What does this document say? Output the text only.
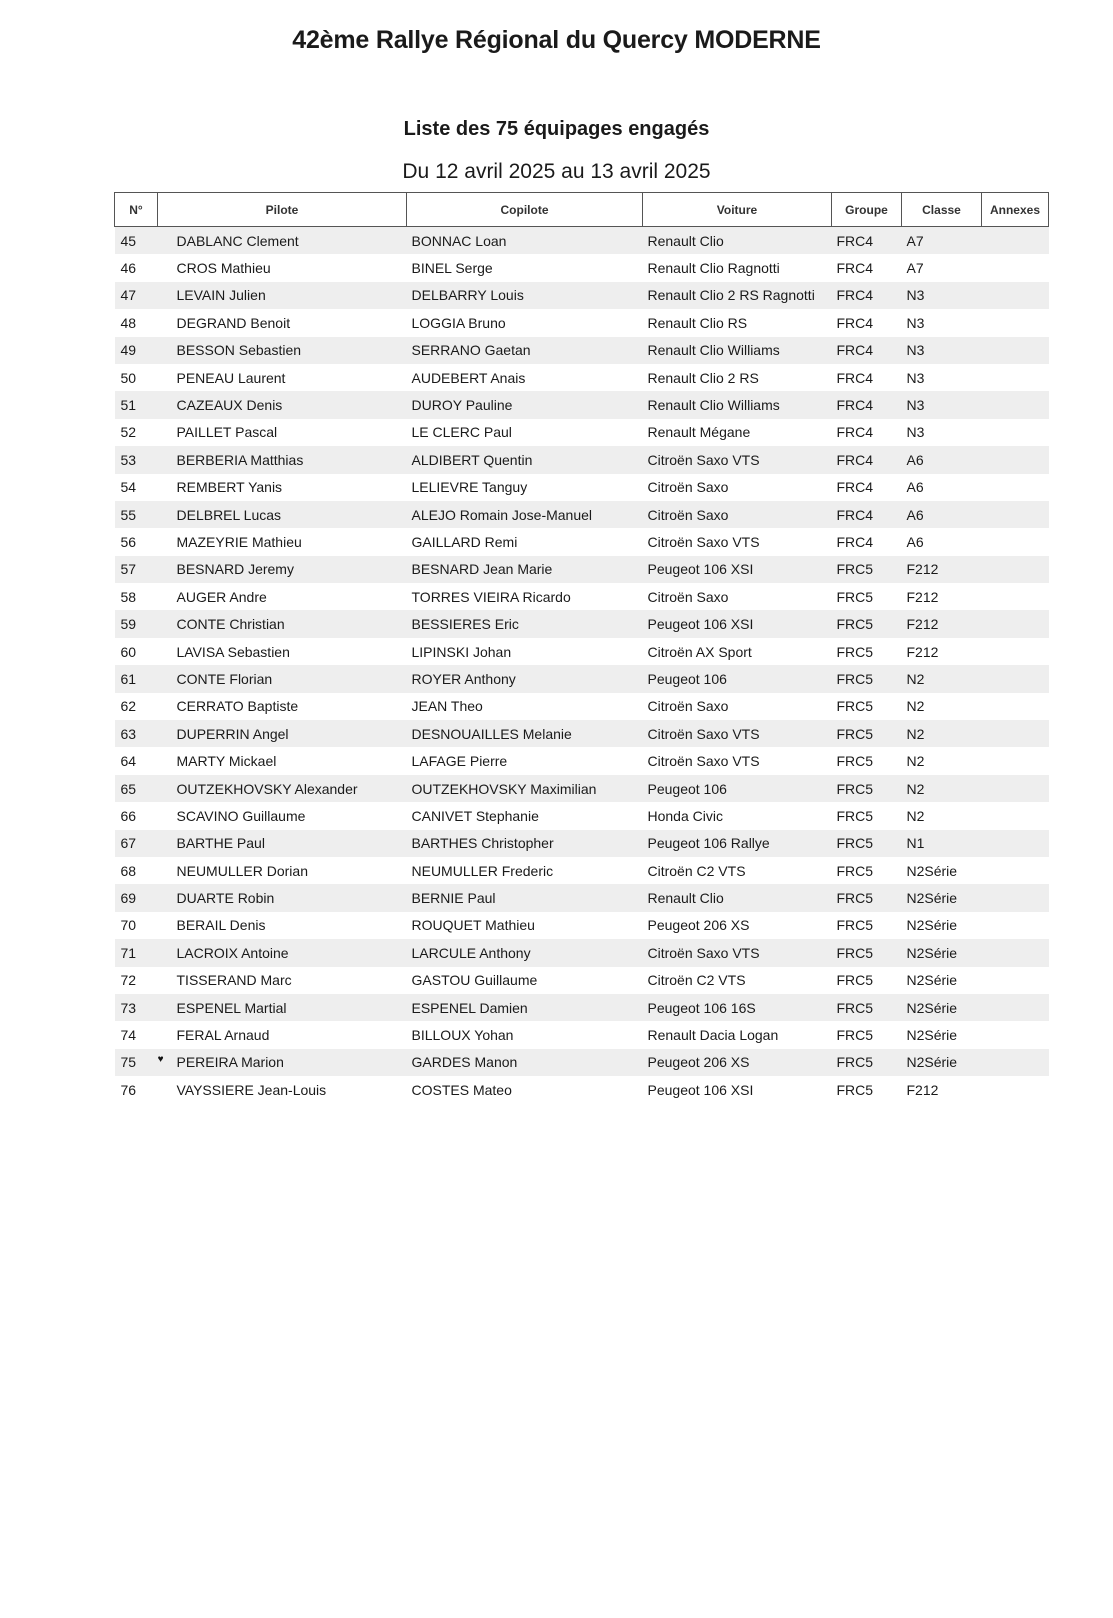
42ème Rallye Régional du Quercy MODERNE
Liste des 75 équipages engagés
Du 12 avril 2025 au 13 avril 2025
N°	Pilote	Copilote	Voiture	Groupe	Classe	Annexes
45	DABLANC Clement	BONNAC Loan	Renault Clio	FRC4	A7	
46	CROS Mathieu	BINEL Serge	Renault Clio Ragnotti	FRC4	A7	
47	LEVAIN Julien	DELBARRY Louis	Renault Clio 2 RS Ragnotti	FRC4	N3	
48	DEGRAND Benoit	LOGGIA Bruno	Renault Clio RS	FRC4	N3	
49	BESSON Sebastien	SERRANO Gaetan	Renault Clio Williams	FRC4	N3	
50	PENEAU Laurent	AUDEBERT Anais	Renault Clio 2 RS	FRC4	N3	
51	CAZEAUX Denis	DUROY Pauline	Renault Clio Williams	FRC4	N3	
52	PAILLET Pascal	LE CLERC Paul	Renault Mégane	FRC4	N3	
53	BERBERIA Matthias	ALDIBERT Quentin	Citroën Saxo VTS	FRC4	A6	
54	REMBERT Yanis	LELIEVRE Tanguy	Citroën Saxo	FRC4	A6	
55	DELBREL Lucas	ALEJO Romain Jose-Manuel	Citroën Saxo	FRC4	A6	
56	MAZEYRIE Mathieu	GAILLARD Remi	Citroën Saxo VTS	FRC4	A6	
57	BESNARD Jeremy	BESNARD Jean Marie	Peugeot 106 XSI	FRC5	F212	
58	AUGER Andre	TORRES VIEIRA Ricardo	Citroën Saxo	FRC5	F212	
59	CONTE Christian	BESSIERES Eric	Peugeot 106 XSI	FRC5	F212	
60	LAVISA Sebastien	LIPINSKI Johan	Citroën AX Sport	FRC5	F212	
61	CONTE Florian	ROYER Anthony	Peugeot 106	FRC5	N2	
62	CERRATO Baptiste	JEAN Theo	Citroën Saxo	FRC5	N2	
63	DUPERRIN Angel	DESNOUAILLES Melanie	Citroën Saxo VTS	FRC5	N2	
64	MARTY Mickael	LAFAGE Pierre	Citroën Saxo VTS	FRC5	N2	
65	OUTZEKHOVSKY Alexander	OUTZEKHOVSKY Maximilian	Peugeot 106	FRC5	N2	
66	SCAVINO Guillaume	CANIVET Stephanie	Honda Civic	FRC5	N2	
67	BARTHE Paul	BARTHES Christopher	Peugeot 106 Rallye	FRC5	N1	
68	NEUMULLER Dorian	NEUMULLER Frederic	Citroën C2 VTS	FRC5	N2Série	
69	DUARTE Robin	BERNIE Paul	Renault Clio	FRC5	N2Série	
70	BERAIL Denis	ROUQUET Mathieu	Peugeot 206 XS	FRC5	N2Série	
71	LACROIX Antoine	LARCULE Anthony	Citroën Saxo VTS	FRC5	N2Série	
72	TISSERAND Marc	GASTOU Guillaume	Citroën C2 VTS	FRC5	N2Série	
73	ESPENEL Martial	ESPENEL Damien	Peugeot 106 16S	FRC5	N2Série	
74	FERAL Arnaud	BILLOUX Yohan	Renault Dacia Logan	FRC5	N2Série	
75 ♥	PEREIRA Marion	GARDES Manon	Peugeot 206 XS	FRC5	N2Série	
76	VAYSSIERE Jean-Louis	COSTES Mateo	Peugeot 106 XSI	FRC5	F212	
